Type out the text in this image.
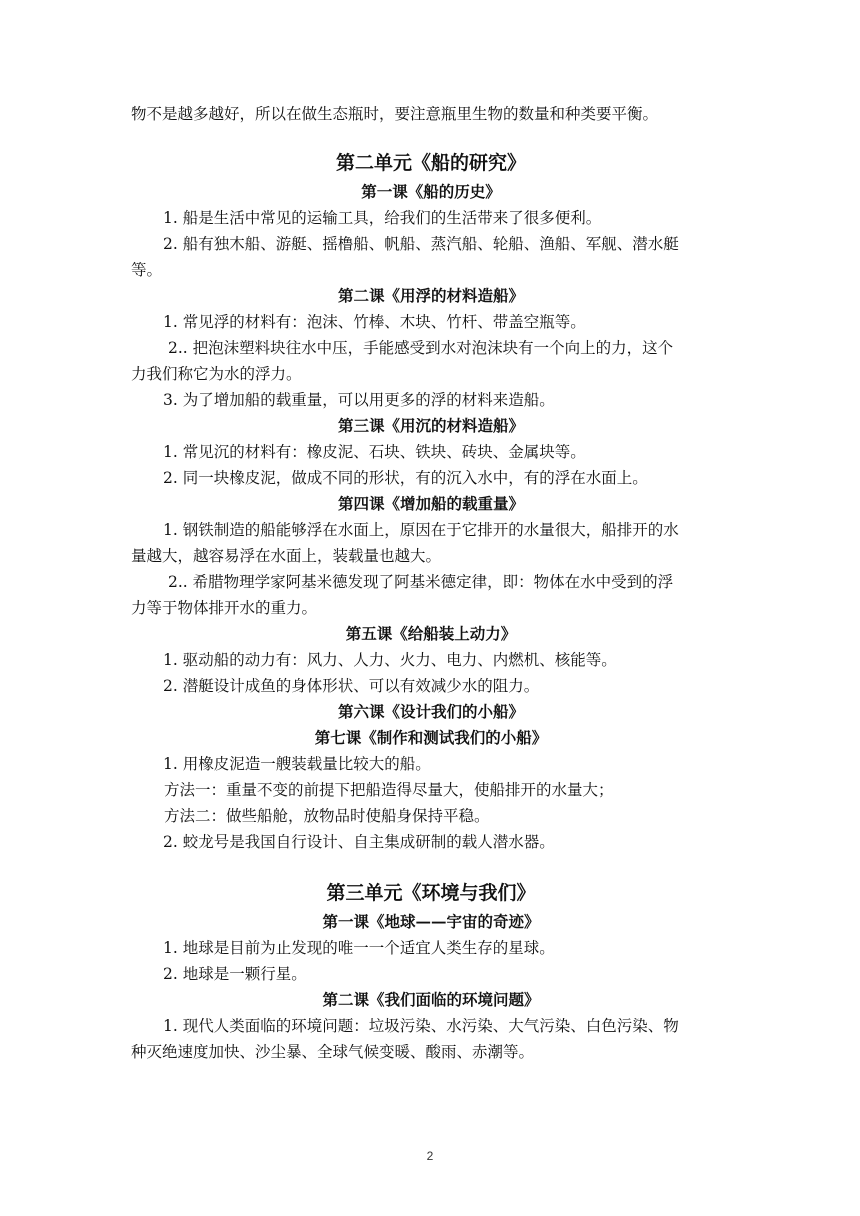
物不是越多越好，所以在做生态瓶时，要注意瓶里生物的数量和种类要平衡。
第二单元《船的研究》
第一课《船的历史》
1. 船是生活中常见的运输工具，给我们的生活带来了很多便利。
2. 船有独木船、游艇、摇橹船、帆船、蒸汽船、轮船、渔船、军舰、潜水艇
等。
第二课《用浮的材料造船》
1. 常见浮的材料有：泡沫、竹棒、木块、竹杆、带盖空瓶等。
2.. 把泡沫塑料块往水中压，手能感受到水对泡沫块有一个向上的力，这个
力我们称它为水的浮力。
3. 为了增加船的载重量，可以用更多的浮的材料来造船。
第三课《用沉的材料造船》
1. 常见沉的材料有：橡皮泥、石块、铁块、砖块、金属块等。
2. 同一块橡皮泥，做成不同的形状，有的沉入水中，有的浮在水面上。
第四课《增加船的载重量》
1. 钢铁制造的船能够浮在水面上，原因在于它排开的水量很大，船排开的水
量越大，越容易浮在水面上，装载量也越大。
2.. 希腊物理学家阿基米德发现了阿基米德定律，即：物体在水中受到的浮
力等于物体排开水的重力。
第五课《给船装上动力》
1. 驱动船的动力有：风力、人力、火力、电力、内燃机、核能等。
2. 潜艇设计成鱼的身体形状、可以有效减少水的阻力。
第六课《设计我们的小船》
第七课《制作和测试我们的小船》
1. 用橡皮泥造一艘装载量比较大的船。
方法一：重量不变的前提下把船造得尽量大，使船排开的水量大；
方法二：做些船舱，放物品时使船身保持平稳。
2. 蛟龙号是我国自行设计、自主集成研制的载人潜水器。
第三单元《环境与我们》
第一课《地球——宇宙的奇迹》
1. 地球是目前为止发现的唯一一个适宜人类生存的星球。
2. 地球是一颗行星。
第二课《我们面临的环境问题》
1. 现代人类面临的环境问题：垃圾污染、水污染、大气污染、白色污染、物
种灭绝速度加快、沙尘暴、全球气候变暖、酸雨、赤潮等。
2
